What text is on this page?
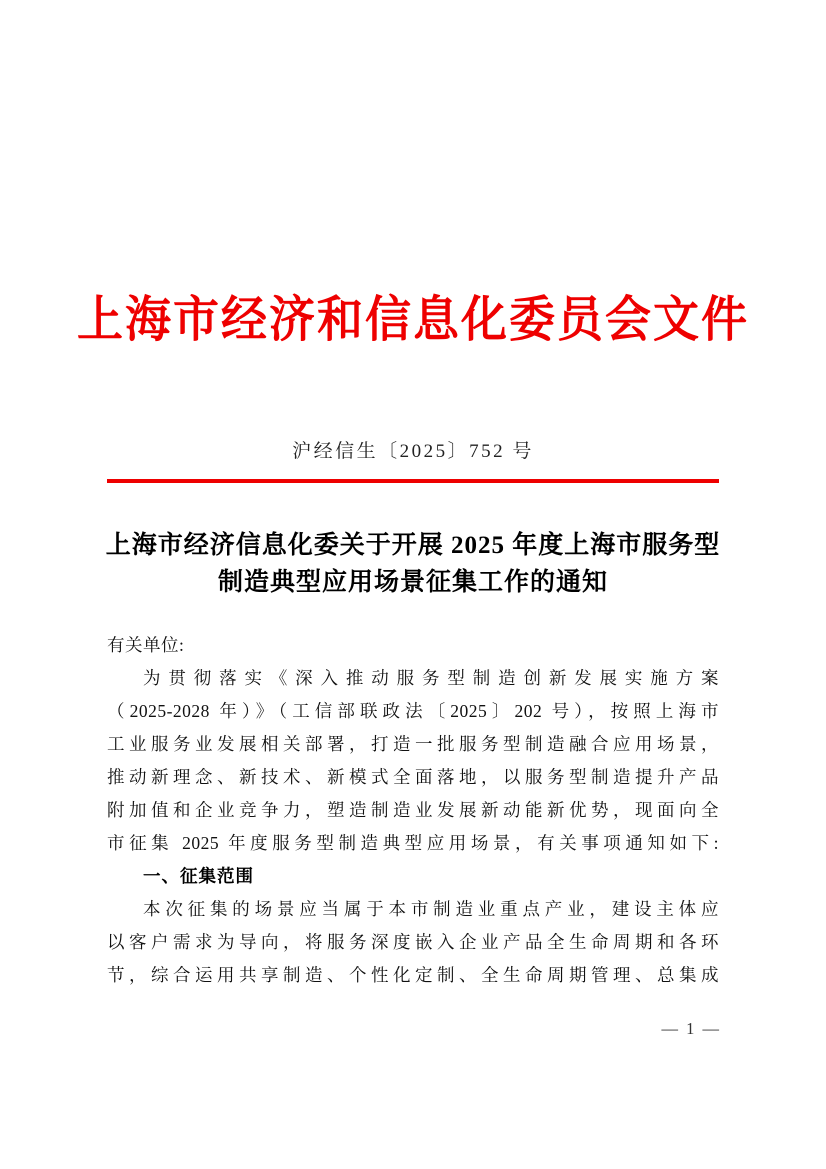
上海市经济和信息化委员会文件
沪经信生〔2025〕752 号
上海市经济信息化委关于开展 2025 年度上海市服务型
制造典型应用场景征集工作的通知
有关单位:
为贯彻落实《深入推动服务型制造创新发展实施方案
（2025-2028 年）》（工信部联政法〔2025〕202 号），按照上海市
工业服务业发展相关部署，打造一批服务型制造融合应用场景，
推动新理念、新技术、新模式全面落地，以服务型制造提升产品
附加值和企业竞争力，塑造制造业发展新动能新优势，现面向全
市征集 2025 年度服务型制造典型应用场景，有关事项通知如下:
一、征集范围
本次征集的场景应当属于本市制造业重点产业，建设主体应
以客户需求为导向，将服务深度嵌入企业产品全生命周期和各环
节，综合运用共享制造、个性化定制、全生命周期管理、总集成
— 1 —
